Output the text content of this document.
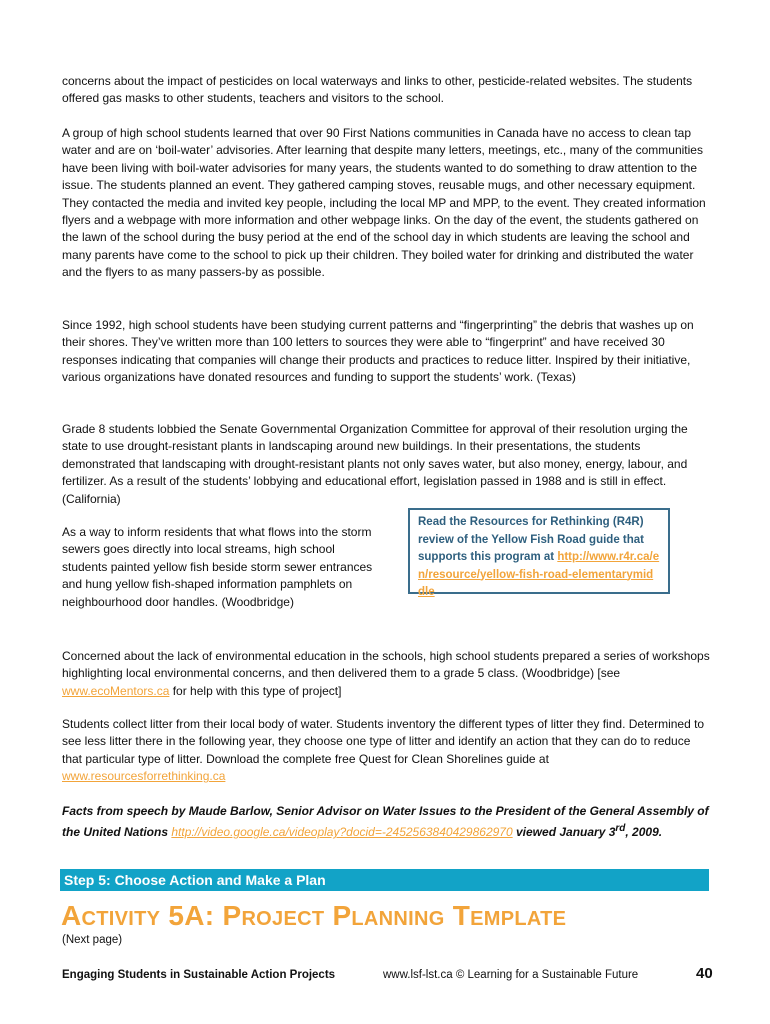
concerns about the impact of pesticides on local waterways and links to other, pesticide-related websites. The students offered gas masks to other students, teachers and visitors to the school.

A group of high school students learned that over 90 First Nations communities in Canada have no access to clean tap water and are on ‘boil-water’ advisories. After learning that despite many letters, meetings, etc., many of the communities have been living with boil-water advisories for many years, the students wanted to do something to draw attention to the issue. The students planned an event. They gathered camping stoves, reusable mugs, and other necessary equipment. They contacted the media and invited key people, including the local MP and MPP, to the event. They created information flyers and a webpage with more information and other webpage links. On the day of the event, the students gathered on the lawn of the school during the busy period at the end of the school day in which students are leaving the school and many parents have come to the school to pick up their children. They boiled water for drinking and distributed the water and the flyers to as many passers-by as possible.

Since 1992, high school students have been studying current patterns and “fingerprinting” the debris that washes up on their shores. They’ve written more than 100 letters to sources they were able to “fingerprint” and have received 30 responses indicating that companies will change their products and practices to reduce litter. Inspired by their initiative, various organizations have donated resources and funding to support the students’ work. (Texas)

Grade 8 students lobbied the Senate Governmental Organization Committee for approval of their resolution urging the state to use drought-resistant plants in landscaping around new buildings. In their presentations, the students demonstrated that landscaping with drought-resistant plants not only saves water, but also money, energy, labour, and fertilizer. As a result of the students’ lobbying and educational effort, legislation passed in 1988 and is still in effect. (California)

As a way to inform residents that what flows into the storm sewers goes directly into local streams, high school students painted yellow fish beside storm sewer entrances and hung yellow fish-shaped information pamphlets on neighbourhood door handles. (Woodbridge)

Read the Resources for Rethinking (R4R) review of the Yellow Fish Road guide that supports this program at http://www.r4r.ca/en/resource/yellow-fish-road-elementarymiddle

Concerned about the lack of environmental education in the schools, high school students prepared a series of workshops highlighting local environmental concerns, and then delivered them to a grade 5 class. (Woodbridge) [see www.ecoMentors.ca for help with this type of project]

Students collect litter from their local body of water. Students inventory the different types of litter they find. Determined to see less litter there in the following year, they choose one type of litter and identify an action that they can do to reduce that particular type of litter. Download the complete free Quest for Clean Shorelines guide at www.resourcesforrethinking.ca

Facts from speech by Maude Barlow, Senior Advisor on Water Issues to the President of the General Assembly of the United Nations http://video.google.ca/videoplay?docid=-2452563840429862970 viewed January 3rd, 2009.

Step 5: Choose Action and Make a Plan
Activity 5A: Project Planning Template
(Next page)
Engaging Students in Sustainable Action Projects	www.lsf-lst.ca © Learning for a Sustainable Future	40
